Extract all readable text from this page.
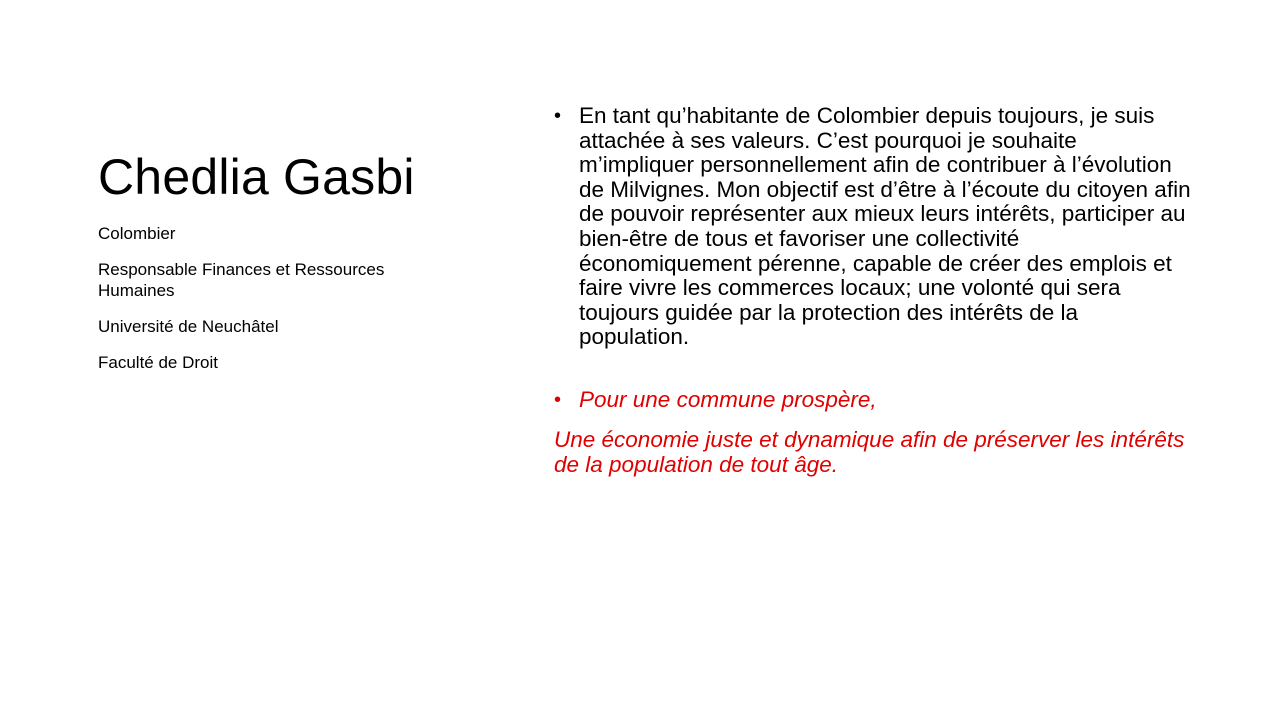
Chedlia Gasbi
Colombier
Responsable Finances et Ressources Humaines
Université de Neuchâtel
Faculté de Droit
• En tant qu’habitante de Colombier depuis toujours, je suis attachée à ses valeurs. C’est pourquoi je souhaite m’impliquer personnellement afin de contribuer à l’évolution de Milvignes. Mon objectif est d’être à l’écoute du citoyen afin de pouvoir représenter aux mieux leurs intérêts, participer au bien-être de tous et favoriser une collectivité économiquement pérenne, capable de créer des emplois et faire vivre les commerces locaux; une volonté qui sera toujours guidée par la protection des intérêts de la population.
• Pour une commune prospère,
Une économie juste et dynamique afin de préserver les intérêts de la population de tout âge.
